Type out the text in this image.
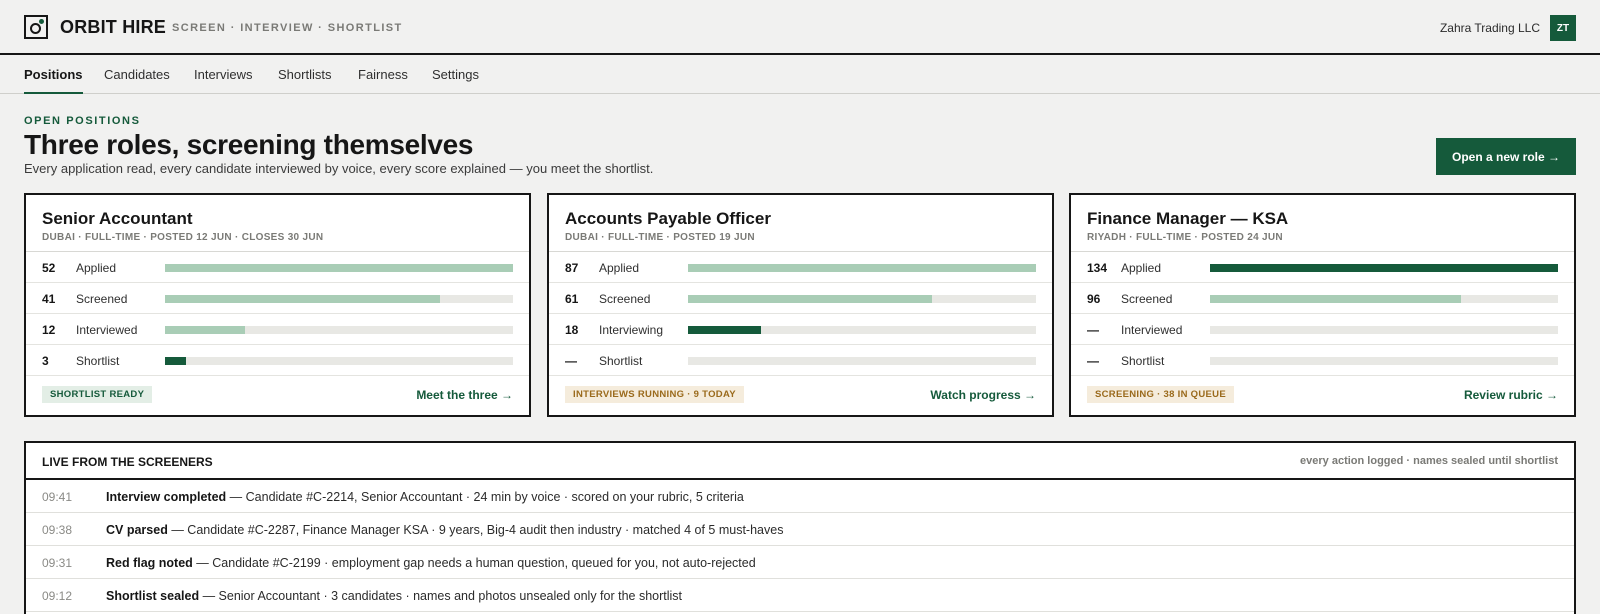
ORBIT HIRE SCREEN · INTERVIEW · SHORTLIST	Zahra Trading LLC	ZT
Positions Candidates Interviews Shortlists Fairness Settings
OPEN POSITIONS
Three roles, screening themselves

Every application read, every candidate interviewed by voice, every score explained — you meet the shortlist.

Open a new role →
Senior Accountant
DUBAI · FULL-TIME · POSTED 12 JUN · CLOSES 30 JUN
52 Applied
41 Screened
12 Interviewed
3 Shortlist
SHORTLIST READY	Meet the three →
Accounts Payable Officer
DUBAI · FULL-TIME · POSTED 19 JUN
87 Applied
61 Screened
18 Interviewing
— Shortlist
INTERVIEWS RUNNING · 9 TODAY	Watch progress →
Finance Manager — KSA
RIYADH · FULL-TIME · POSTED 24 JUN
134 Applied
96 Screened
— Interviewed
— Shortlist
SCREENING · 38 IN QUEUE	Review rubric →
LIVE FROM THE SCREENERS	every action logged · names sealed until shortlist
09:41	Interview completed — Candidate #C-2214, Senior Accountant · 24 min by voice · scored on your rubric, 5 criteria
09:38	CV parsed — Candidate #C-2287, Finance Manager KSA · 9 years, Big-4 audit then industry · matched 4 of 5 must-haves
09:31	Red flag noted — Candidate #C-2199 · employment gap needs a human question, queued for you, not auto-rejected
09:12	Shortlist sealed — Senior Accountant · 3 candidates · names and photos unsealed only for the shortlist
